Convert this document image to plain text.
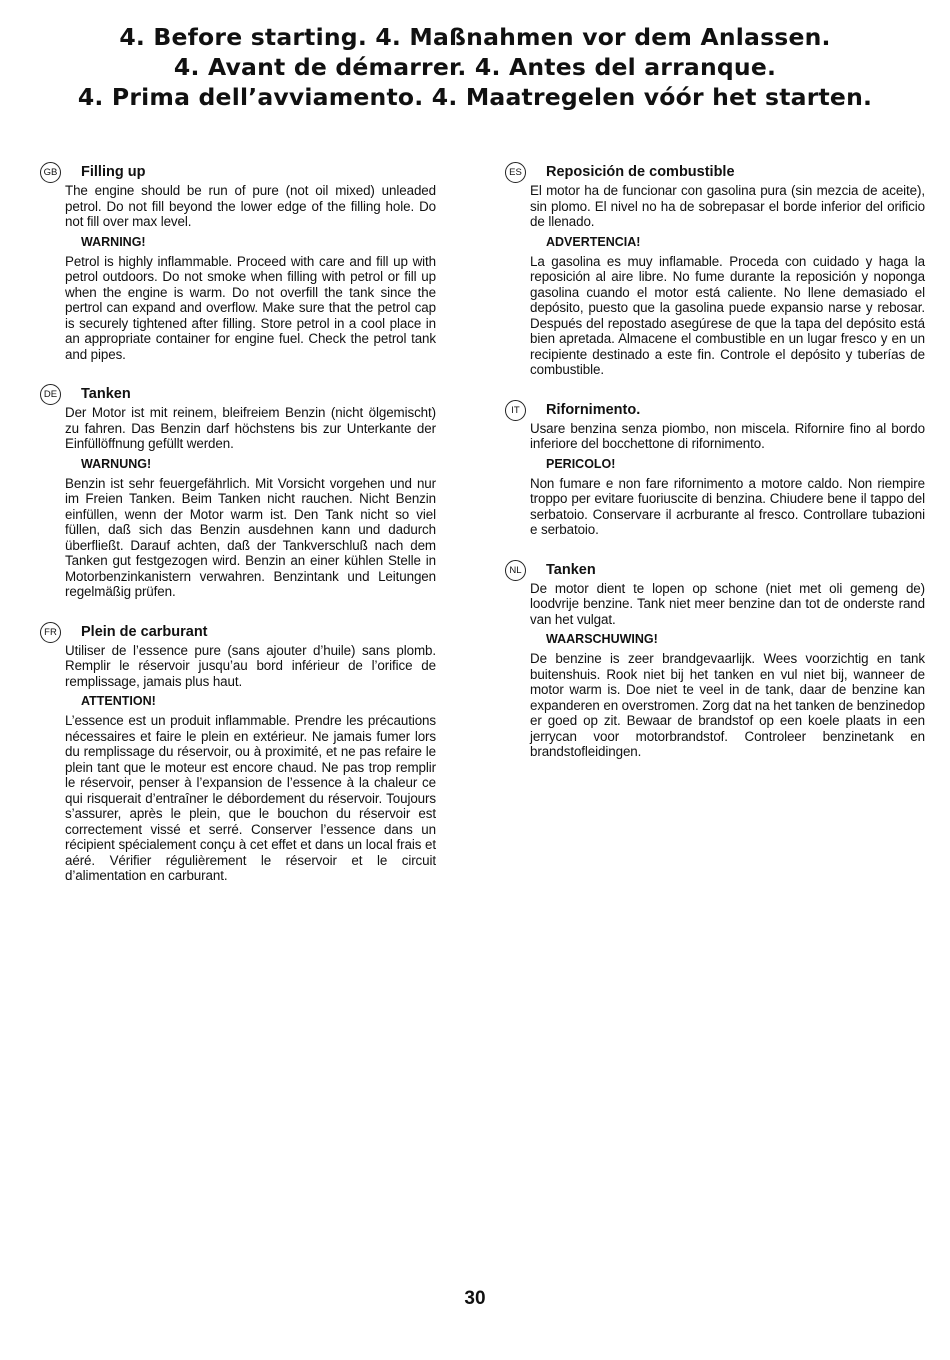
4. Before starting. 4. Maßnahmen vor dem Anlassen.
4. Avant de démarrer. 4. Antes del arranque.
4. Prima dell’avviamento. 4. Maatregelen vóór het starten.
GB Filling up

The engine should be run of pure (not oil mixed) unleaded petrol. Do not fill beyond the lower edge of the filling hole. Do not fill over max level.

WARNING!

Petrol is highly inflammable. Proceed with care and fill up with petrol outdoors. Do not smoke when filling with petrol or fill up when the engine is warm. Do not overfill the tank since the pertrol can expand and overflow. Make sure that the petrol cap is securely tightened after filling. Store petrol in a cool place in an appropriate container for engine fuel. Check the petrol tank and pipes.

DE Tanken

Der Motor ist mit reinem, bleifreiem Benzin (nicht ölgemischt) zu fahren. Das Benzin darf höchstens bis zur Unterkante der Einfüllöffnung gefüllt werden.

WARNUNG!

Benzin ist sehr feuergefährlich. Mit Vorsicht vorgehen und nur im Freien Tanken. Beim Tanken nicht rauchen. Nicht Benzin einfüllen, wenn der Motor warm ist. Den Tank nicht so viel füllen, daß sich das Benzin ausdehnen kann und dadurch überfließt. Darauf achten, daß der Tankverschluß nach dem Tanken gut festgezogen wird. Benzin an einer kühlen Stelle in Motorbenzinkanistern verwahren. Benzintank und Leitungen regelmäßig prüfen.

FR Plein de carburant

Utiliser de l’essence pure (sans ajouter d’huile) sans plomb. Remplir le réservoir jusqu’au bord inférieur de l’orifice de remplissage, jamais plus haut.

ATTENTION!

L’essence est un produit inflammable. Prendre les précautions nécessaires et faire le plein en extérieur. Ne jamais fumer lors du remplissage du réservoir, ou à proximité, et ne pas refaire le plein tant que le moteur est encore chaud. Ne pas trop remplir le réservoir, penser à l’expansion de l’essence à la chaleur ce qui risquerait d’entraîner le débordement du réservoir. Toujours s’assurer, après le plein, que le bouchon du réservoir est correctement vissé et serré. Conserver l’essence dans un récipient spécialement conçu à cet effet et dans un local frais et aéré. Vérifier régulièrement le réservoir et le circuit d’alimentation en carburant.

ES Reposición de combustible

El motor ha de funcionar con gasolina pura (sin mezcia de aceite), sin plomo. El nivel no ha de sobrepasar el borde inferior del orificio de llenado.

ADVERTENCIA!

La gasolina es muy inflamable. Proceda con cuidado y haga la reposición al aire libre. No fume durante la reposición y noponga gasolina cuando el motor está caliente. No llene demasiado el depósito, puesto que la gasolina puede expansio narse y rebosar. Después del repostado asegúrese de que la tapa del depósito está bien apretada. Almacene el combustible en un lugar fresco y en un recipiente destinado a este fin. Controle el depósito y tuberías de combustible.

IT	Rifornimento.

Usare benzina senza piombo, non miscela. Rifornire fino al bordo inferiore del bocchettone di rifornimento.

PERICOLO!

Non fumare e non fare rifornimento a motore caldo. Non riempire troppo per evitare fuoriuscite di benzina. Chiudere bene il tappo del serbatoio. Conservare il acrburante al fresco. Controllare tubazioni e serbatoio.

NL	Tanken

De motor dient te lopen op schone (niet met oli gemeng de) loodvrije benzine. Tank niet meer benzine dan tot de onderste rand van het vulgat.

WAARSCHUWING!

De benzine is zeer brandgevaarlijk. Wees voorzichtig en tank buitenshuis. Rook niet bij het tanken en vul niet bij, wanneer de motor warm is. Doe niet te veel in de tank, daar de benzine kan expanderen en overstromen. Zorg dat na het tanken de benzinedop er goed op zit. Bewaar de brandstof op een koele plaats in een jerrycan voor motorbrandstof. Controleer benzinetank en brandstofleidingen.

30
